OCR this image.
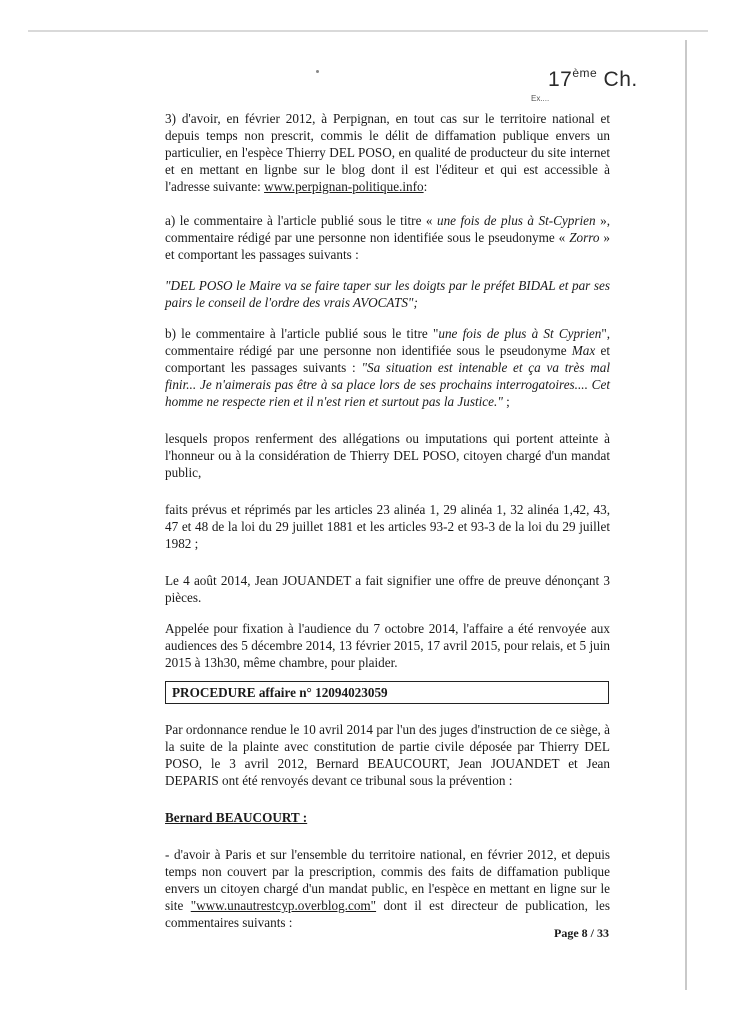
17ème Ch.
Ex....

3) d'avoir, en février 2012, à Perpignan, en tout cas sur le territoire national et depuis temps non prescrit, commis le délit de diffamation publique envers un particulier, en l'espèce Thierry DEL POSO, en qualité de producteur du site internet et en mettant en lignbe sur le blog dont il est l'éditeur et qui est accessible à l'adresse suivante: www.perpignan-politique.info:

a) le commentaire à l'article publié sous le titre « une fois de plus à St-Cyprien », commentaire rédigé par une personne non identifiée sous le pseudonyme « Zorro » et comportant les passages suivants :

"DEL POSO le Maire va se faire taper sur les doigts par le préfet BIDAL et par ses pairs le conseil de l'ordre des vrais AVOCATS";

b) le commentaire à l'article publié sous le titre "une fois de plus à St Cyprien", commentaire rédigé par une personne non identifiée sous le pseudonyme Max et comportant les passages suivants : "Sa situation est intenable et ça va très mal finir... Je n'aimerais pas être à sa place lors de ses prochains interrogatoires.... Cet homme ne respecte rien et il n'est rien et surtout pas la Justice." ;

lesquels propos renferment des allégations ou imputations qui portent atteinte à l'honneur ou à la considération de Thierry DEL POSO, citoyen chargé d'un mandat public,

faits prévus et réprimés par les articles 23 alinéa 1, 29 alinéa 1, 32 alinéa 1,42, 43, 47 et 48 de la loi du 29 juillet 1881 et les articles 93-2 et 93-3 de la loi du 29 juillet 1982 ;

Le 4 août 2014, Jean JOUANDET a fait signifier une offre de preuve dénonçant 3 pièces.

Appelée pour fixation à l'audience du 7 octobre 2014, l'affaire a été renvoyée aux audiences des 5 décembre 2014, 13 février 2015, 17 avril 2015, pour relais, et 5 juin 2015 à 13h30, même chambre, pour plaider.

PROCEDURE affaire n° 12094023059

Par ordonnance rendue le 10 avril 2014 par l'un des juges d'instruction de ce siège, à la suite de la plainte avec constitution de partie civile déposée par Thierry DEL POSO, le 3 avril 2012, Bernard BEAUCOURT, Jean JOUANDET et Jean DEPARIS ont été renvoyés devant ce tribunal sous la prévention :

Bernard BEAUCOURT :

- d'avoir à Paris et sur l'ensemble du territoire national, en février 2012, et depuis temps non couvert par la prescription, commis des faits de diffamation publique envers un citoyen chargé d'un mandat public, en l'espèce en mettant en ligne sur le site "www.unautrestcyp.overblog.com" dont il est directeur de publication, les commentaires suivants :

Page 8 / 33
